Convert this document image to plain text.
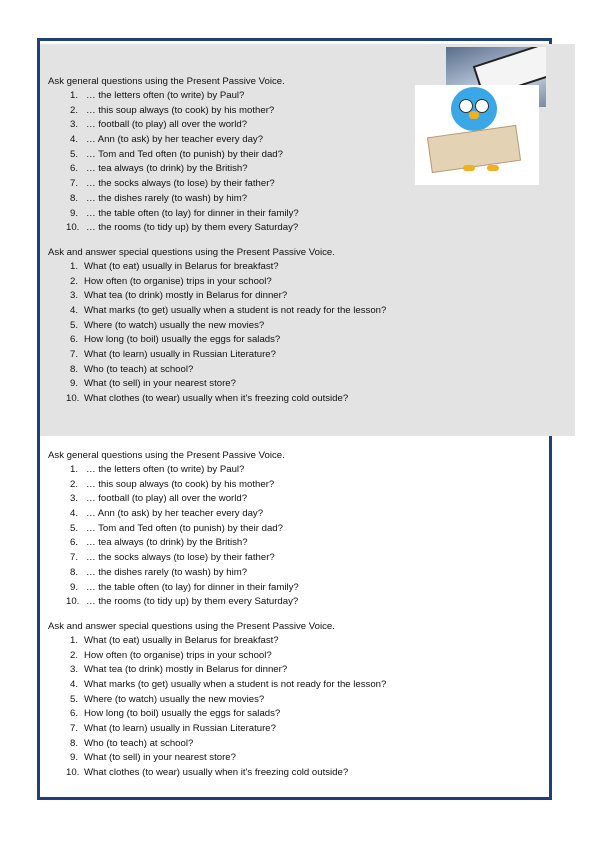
Ask general questions using the Present Passive Voice.

1. … the letters often (to write) by Paul?
2. … this soup always (to cook) by his mother?
3. … football (to play) all over the world?
4. … Ann (to ask) by her teacher every day?
5. … Tom and Ted often (to punish) by their dad?
6. … tea always (to drink) by the British?
7. … the socks always (to lose) by their father?
8. … the dishes rarely (to wash) by him?
9. … the table often (to lay) for dinner in their family?
10. … the rooms (to tidy up) by them every Saturday?

Ask and answer special questions using the Present Passive Voice.

1. What (to eat) usually in Belarus for breakfast?
2. How often (to organise) trips in your school?
3. What tea (to drink) mostly in Belarus for dinner?
4. What marks (to get) usually when a student is not ready for the lesson?
5. Where (to watch) usually the new movies?
6. How long (to boil) usually the eggs for salads?
7. What (to learn) usually in Russian Literature?
8. Who (to teach) at school?
9. What (to sell) in your nearest store?
10. What clothes (to wear) usually when it's freezing cold outside?

Ask general questions using the Present Passive Voice.

1. … the letters often (to write) by Paul?
2. … this soup always (to cook) by his mother?
3. … football (to play) all over the world?
4. … Ann (to ask) by her teacher every day?
5. … Tom and Ted often (to punish) by their dad?
6. … tea always (to drink) by the British?
7. … the socks always (to lose) by their father?
8. … the dishes rarely (to wash) by him?
9. … the table often (to lay) for dinner in their family?
10. … the rooms (to tidy up) by them every Saturday?

Ask and answer special questions using the Present Passive Voice.

1. What (to eat) usually in Belarus for breakfast?
2. How often (to organise) trips in your school?
3. What tea (to drink) mostly in Belarus for dinner?
4. What marks (to get) usually when a student is not ready for the lesson?
5. Where (to watch) usually the new movies?
6. How long (to boil) usually the eggs for salads?
7. What (to learn) usually in Russian Literature?
8. Who (to teach) at school?
9. What (to sell) in your nearest store?
10. What clothes (to wear) usually when it's freezing cold outside?
